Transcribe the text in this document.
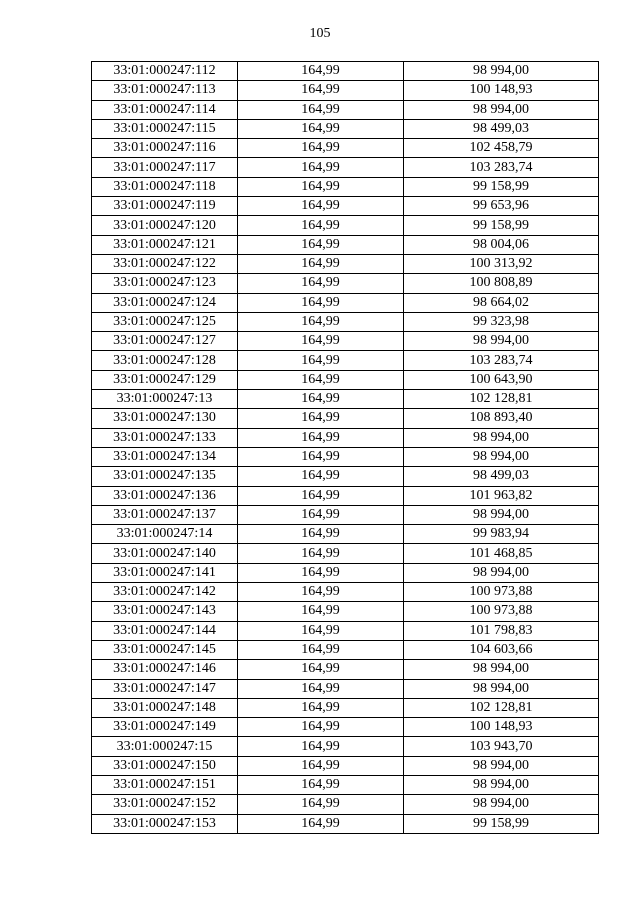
105
33:01:000247:112	164,99	98 994,00
33:01:000247:113	164,99	100 148,93
33:01:000247:114	164,99	98 994,00
33:01:000247:115	164,99	98 499,03
33:01:000247:116	164,99	102 458,79
33:01:000247:117	164,99	103 283,74
33:01:000247:118	164,99	99 158,99
33:01:000247:119	164,99	99 653,96
33:01:000247:120	164,99	99 158,99
33:01:000247:121	164,99	98 004,06
33:01:000247:122	164,99	100 313,92
33:01:000247:123	164,99	100 808,89
33:01:000247:124	164,99	98 664,02
33:01:000247:125	164,99	99 323,98
33:01:000247:127	164,99	98 994,00
33:01:000247:128	164,99	103 283,74
33:01:000247:129	164,99	100 643,90
33:01:000247:13	164,99	102 128,81
33:01:000247:130	164,99	108 893,40
33:01:000247:133	164,99	98 994,00
33:01:000247:134	164,99	98 994,00
33:01:000247:135	164,99	98 499,03
33:01:000247:136	164,99	101 963,82
33:01:000247:137	164,99	98 994,00
33:01:000247:14	164,99	99 983,94
33:01:000247:140	164,99	101 468,85
33:01:000247:141	164,99	98 994,00
33:01:000247:142	164,99	100 973,88
33:01:000247:143	164,99	100 973,88
33:01:000247:144	164,99	101 798,83
33:01:000247:145	164,99	104 603,66
33:01:000247:146	164,99	98 994,00
33:01:000247:147	164,99	98 994,00
33:01:000247:148	164,99	102 128,81
33:01:000247:149	164,99	100 148,93
33:01:000247:15	164,99	103 943,70
33:01:000247:150	164,99	98 994,00
33:01:000247:151	164,99	98 994,00
33:01:000247:152	164,99	98 994,00
33:01:000247:153	164,99	99 158,99
